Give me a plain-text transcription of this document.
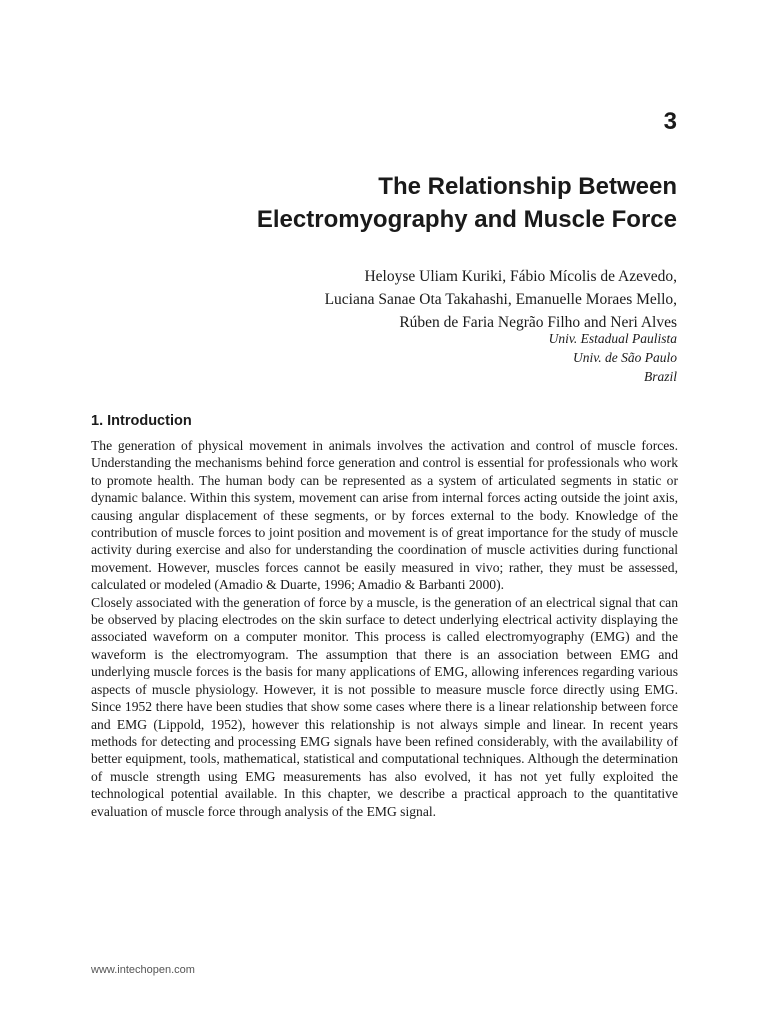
3
The Relationship Between
Electromyography and Muscle Force
Heloyse Uliam Kuriki, Fábio Mícolis de Azevedo,
Luciana Sanae Ota Takahashi, Emanuelle Moraes Mello,
Rúben de Faria Negrão Filho and Neri Alves
Univ. Estadual Paulista
Univ. de São Paulo
Brazil
1. Introduction

The generation of physical movement in animals involves the activation and control of muscle forces. Understanding the mechanisms behind force generation and control is essential for professionals who work to promote health. The human body can be represented as a system of articulated segments in static or dynamic balance. Within this system, movement can arise from internal forces acting outside the joint axis, causing angular displacement of these segments, or by forces external to the body. Knowledge of the contribution of muscle forces to joint position and movement is of great importance for the study of muscle activity during exercise and also for understanding the coordination of muscle activities during functional movement. However, muscles forces cannot be easily measured in vivo; rather, they must be assessed, calculated or modeled (Amadio & Duarte, 1996; Amadio & Barbanti 2000).

Closely associated with the generation of force by a muscle, is the generation of an electrical signal that can be observed by placing electrodes on the skin surface to detect underlying electrical activity displaying the associated waveform on a computer monitor. This process is called electromyography (EMG) and the waveform is the electromyogram. The assumption that there is an association between EMG and underlying muscle forces is the basis for many applications of EMG, allowing inferences regarding various aspects of muscle physiology. However, it is not possible to measure muscle force directly using EMG. Since 1952 there have been studies that show some cases where there is a linear relationship between force and EMG (Lippold, 1952), however this relationship is not always simple and linear. In recent years methods for detecting and processing EMG signals have been refined considerably, with the availability of better equipment, tools, mathematical, statistical and computational techniques. Although the determination of muscle strength using EMG measurements has also evolved, it has not yet fully exploited the technological potential available. In this chapter, we describe a practical approach to the quantitative evaluation of muscle force through analysis of the EMG signal.

www.intechopen.com
